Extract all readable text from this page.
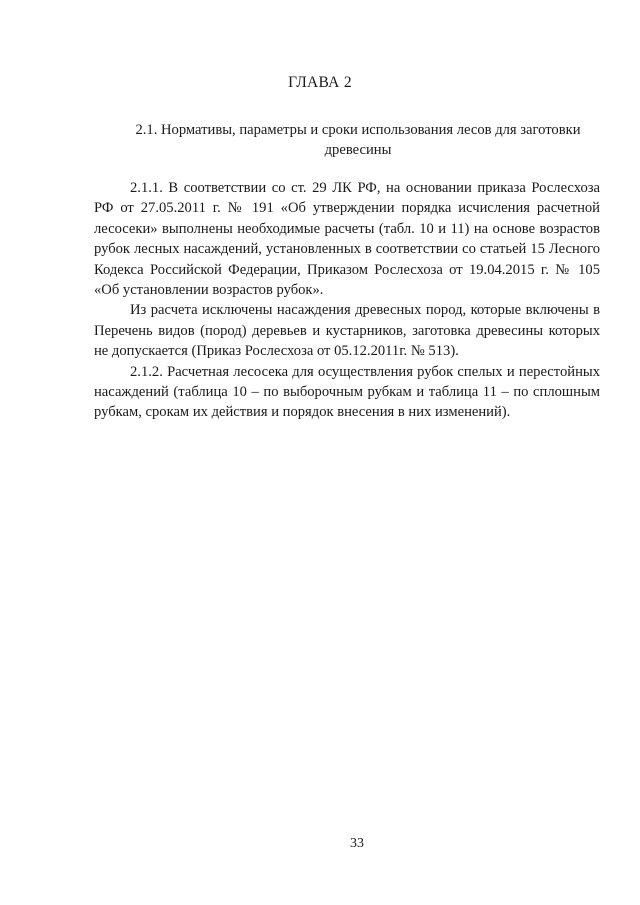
ГЛАВА 2
2.1. Нормативы, параметры и сроки использования лесов для заготовки
древесины

2.1.1. В соответствии со ст. 29 ЛК РФ, на основании приказа Рослесхоза РФ от 27.05.2011 г. № 191 «Об утверждении порядка исчисления расчетной лесосеки» выполнены необходимые расчеты (табл. 10 и 11) на основе возрастов рубок лесных насаждений, установленных в соответствии со статьей 15 Лесного Кодекса Российской Федерации, Приказом Рослесхоза от 19.04.2015 г. № 105 «Об установлении возрастов рубок».

Из расчета исключены насаждения древесных пород, которые включены в Перечень видов (пород) деревьев и кустарников, заготовка древесины которых не допускается (Приказ Рослесхоза от 05.12.2011г. № 513).

2.1.2. Расчетная лесосека для осуществления рубок спелых и перестойных насаждений (таблица 10 – по выборочным рубкам и таблица 11 – по сплошным рубкам, срокам их действия и порядок внесения в них изменений).

33
